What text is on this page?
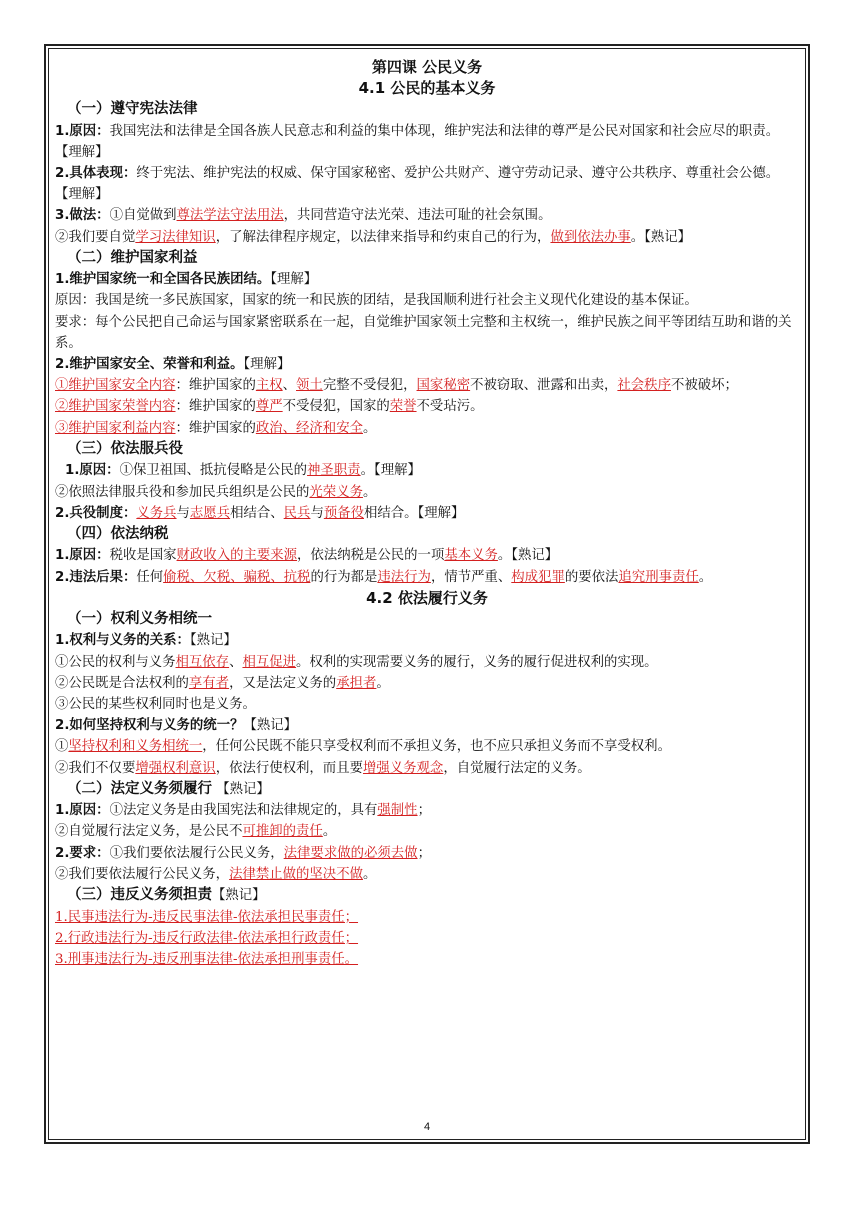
第四课 公民义务
4.1 公民的基本义务
（一）遵守宪法法律
1.原因：我国宪法和法律是全国各族人民意志和利益的集中体现，维护宪法和法律的尊严是公民对国家和社会应尽的职责。【理解】
2.具体表现：终于宪法、维护宪法的权威、保守国家秘密、爱护公共财产、遵守劳动记录、遵守公共秩序、尊重社会公德。【理解】
3.做法：①自觉做到尊法学法守法用法，共同营造守法光荣、违法可耻的社会氛围。
②我们要自觉学习法律知识，了解法律程序规定，以法律来指导和约束自己的行为，做到依法办事。【熟记】
（二）维护国家利益
1.维护国家统一和全国各民族团结。【理解】
原因：我国是统一多民族国家，国家的统一和民族的团结，是我国顺利进行社会主义现代化建设的基本保证。
要求：每个公民把自己命运与国家紧密联系在一起，自觉维护国家领土完整和主权统一，维护民族之间平等团结互助和谐的关系。
2.维护国家安全、荣誉和利益。【理解】
①维护国家安全内容：维护国家的主权、领土完整不受侵犯，国家秘密不被窃取、泄露和出卖，社会秩序不被破坏；
②维护国家荣誉内容：维护国家的尊严不受侵犯，国家的荣誉不受玷污。
③维护国家利益内容：维护国家的政治、经济和安全。
（三）依法服兵役
1.原因：①保卫祖国、抵抗侵略是公民的神圣职责。【理解】
②依照法律服兵役和参加民兵组织是公民的光荣义务。
2.兵役制度：义务兵与志愿兵相结合、民兵与预备役相结合。【理解】
（四）依法纳税
1.原因：税收是国家财政收入的主要来源，依法纳税是公民的一项基本义务。【熟记】
2.违法后果：任何偷税、欠税、骗税、抗税的行为都是违法行为，情节严重、构成犯罪的要依法追究刑事责任。
4.2 依法履行义务
（一）权利义务相统一
1.权利与义务的关系：【熟记】
①公民的权利与义务相互依存、相互促进。权利的实现需要义务的履行，义务的履行促进权利的实现。
②公民既是合法权利的享有者，又是法定义务的承担者。
③公民的某些权利同时也是义务。
2.如何坚持权利与义务的统一？【熟记】
①坚持权利和义务相统一，任何公民既不能只享受权利而不承担义务，也不应只承担义务而不享受权利。
②我们不仅要增强权利意识，依法行使权利，而且要增强义务观念，自觉履行法定的义务。
（二）法定义务须履行 【熟记】
1.原因：①法定义务是由我国宪法和法律规定的，具有强制性；
②自觉履行法定义务，是公民不可推卸的责任。
2.要求：①我们要依法履行公民义务，法律要求做的必须去做；
②我们要依法履行公民义务，法律禁止做的坚决不做。
（三）违反义务须担责【熟记】
1.民事违法行为-违反民事法律-依法承担民事责任；
2.行政违法行为-违反行政法律-依法承担行政责任；
3.刑事违法行为-违反刑事法律-依法承担刑事责任。
4
